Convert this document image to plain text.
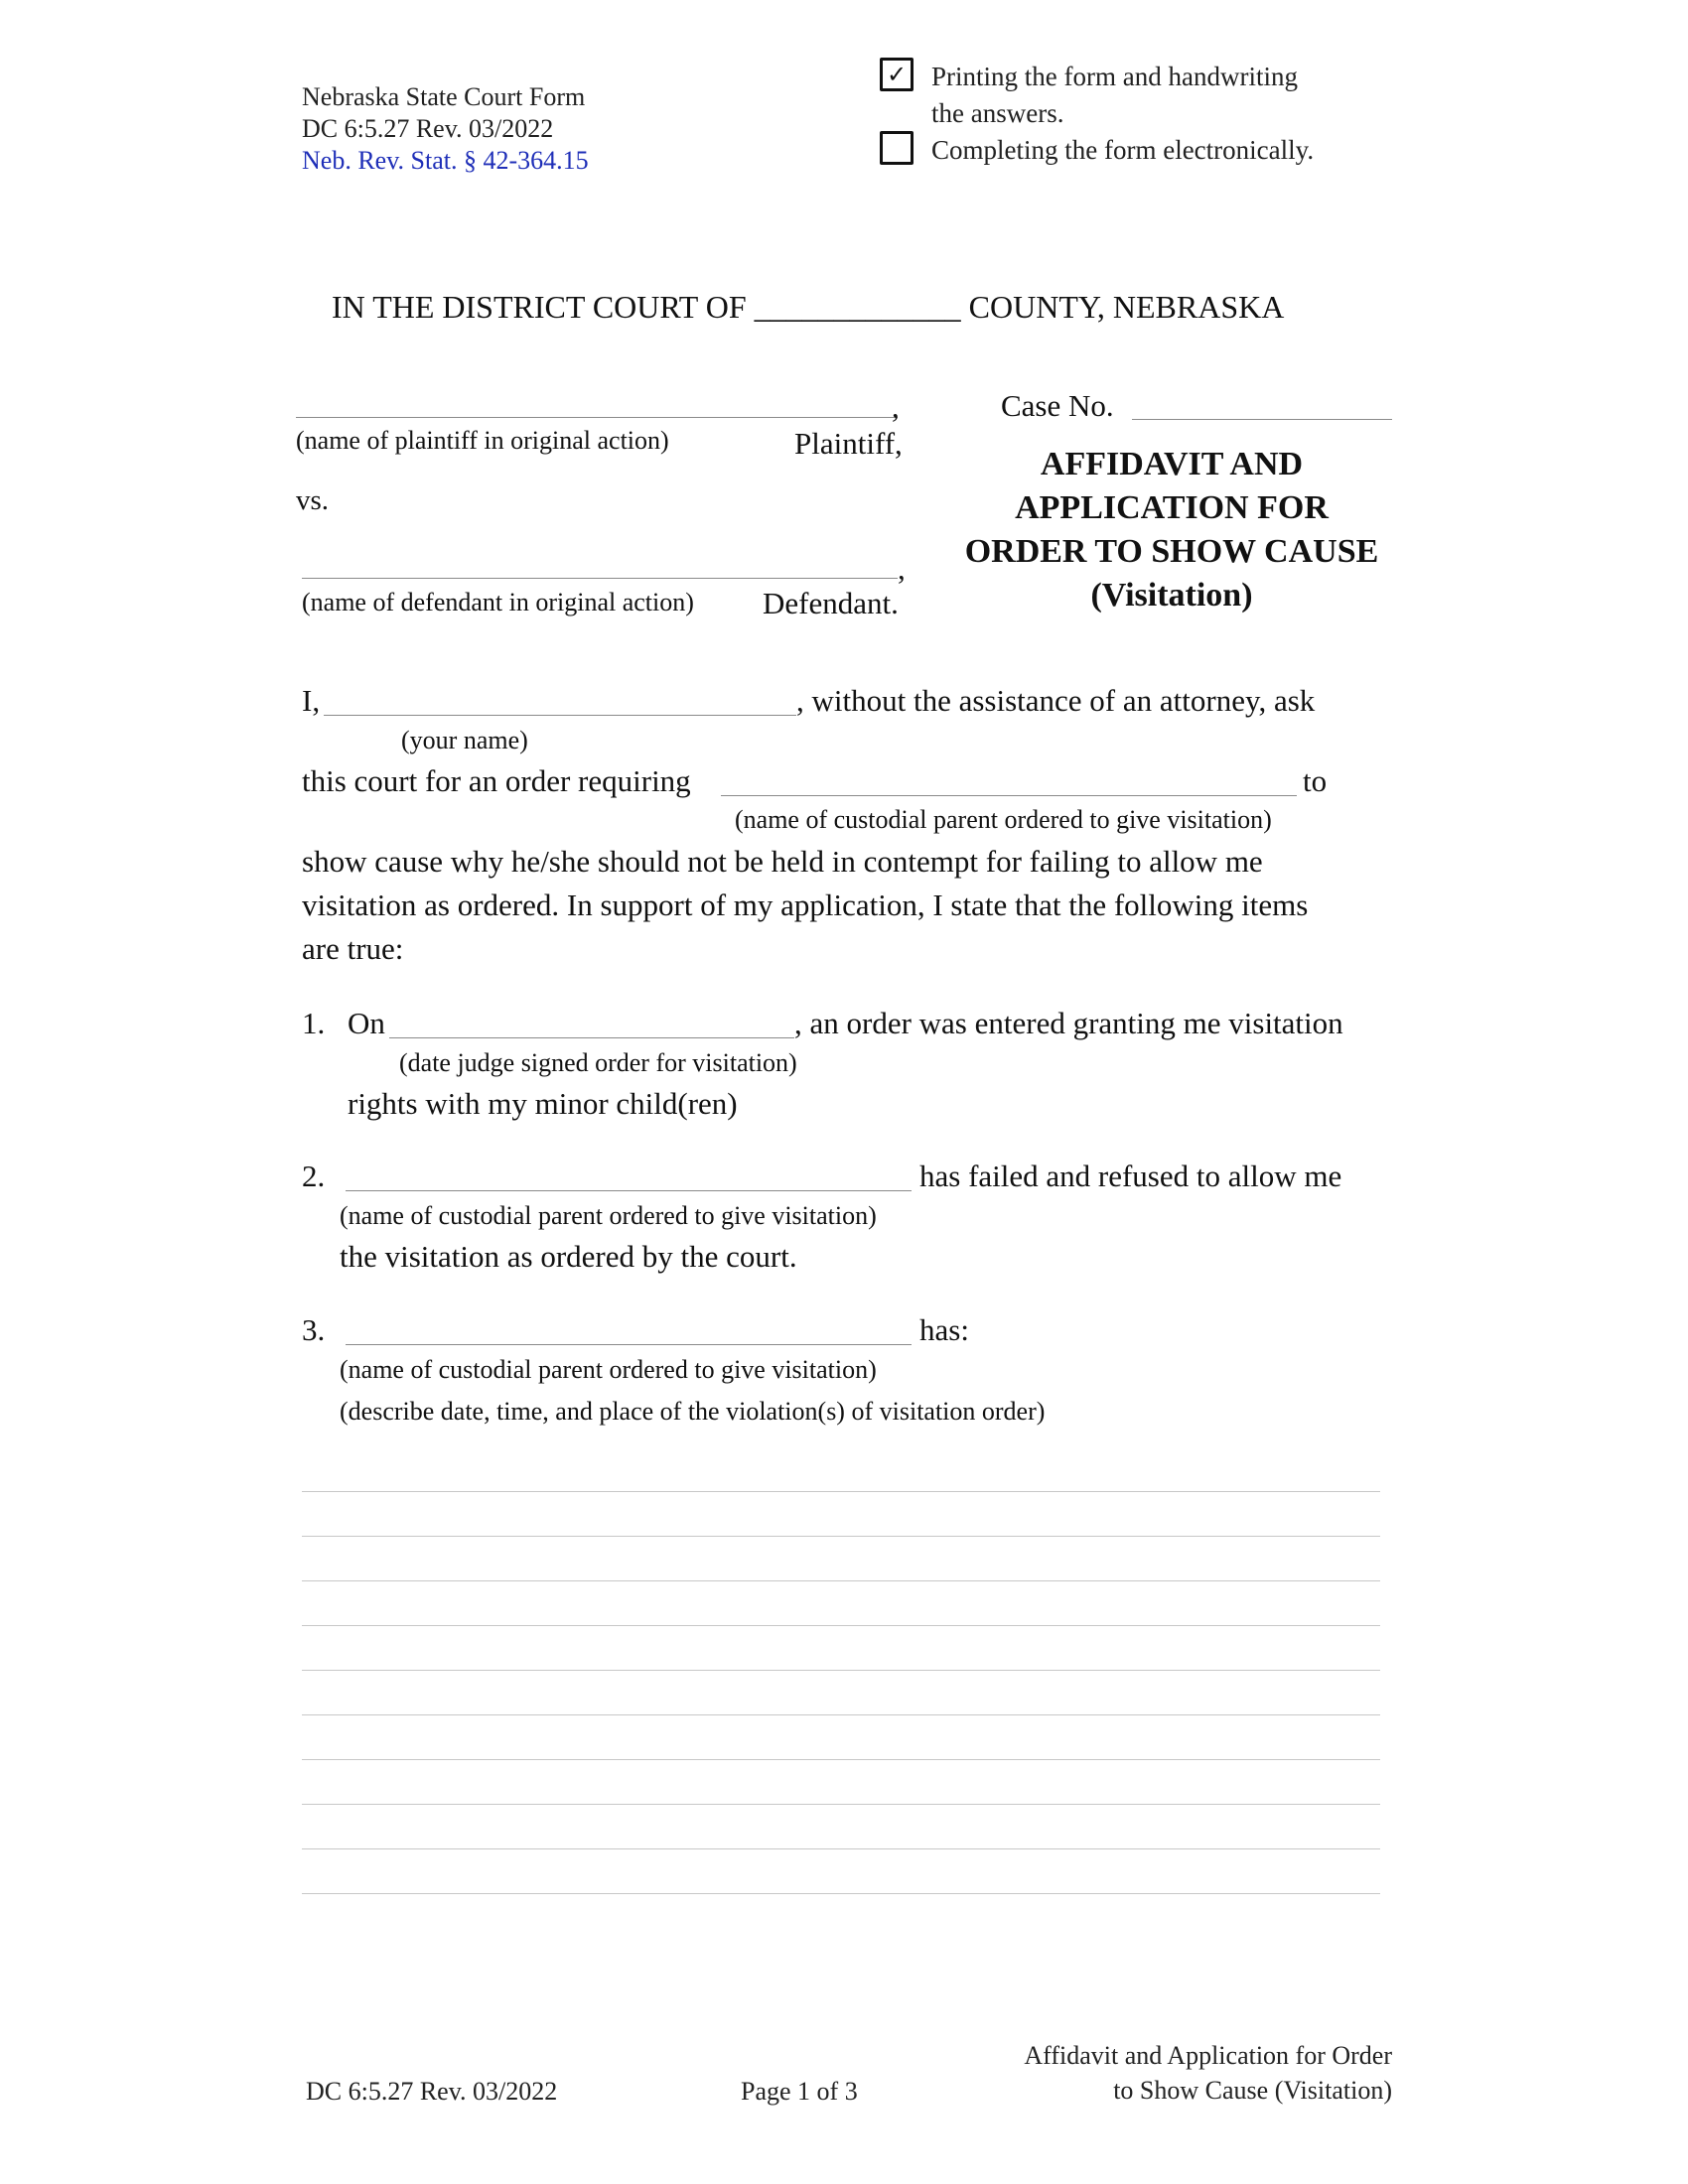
Nebraska State Court Form
DC 6:5.27 Rev. 03/2022
Neb. Rev. Stat. § 42-364.15
✓ Printing the form and handwriting
the answers.
Completing the form electronically.
IN THE DISTRICT COURT OF _____________ COUNTY, NEBRASKA
,
(name of plaintiff in original action)	Plaintiff,
vs.
,
(name of defendant in original action) Defendant.
Case No.
AFFIDAVIT AND
APPLICATION FOR
ORDER TO SHOW CAUSE
(Visitation)
I,	, without the assistance of an attorney, ask
(your name)
this court for an order requiring	to
(name of custodial parent ordered to give visitation)
show cause why he/she should not be held in contempt for failing to allow me
visitation as ordered. In support of my application, I state that the following items
are true:
1. On	, an order was entered granting me visitation
(date judge signed order for visitation)
rights with my minor child(ren)
2.	has failed and refused to allow me
(name of custodial parent ordered to give visitation)
the visitation as ordered by the court.
3.	has:
(name of custodial parent ordered to give visitation)
(describe date, time, and place of the violation(s) of visitation order)
DC 6:5.27 Rev. 03/2022	Page 1 of 3
Affidavit and Application for Order
to Show Cause (Visitation)
